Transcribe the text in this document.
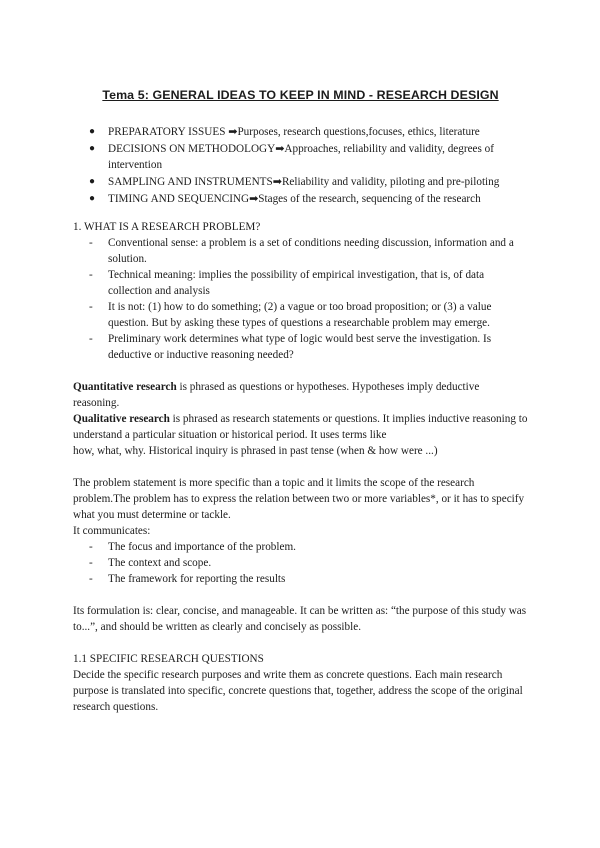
Tema 5: GENERAL IDEAS TO KEEP IN MIND - RESEARCH DESIGN
● PREPARATORY ISSUES ➡Purposes, research questions,focuses, ethics, literature
● DECISIONS ON METHODOLOGY➡Approaches, reliability and validity, degrees of intervention
● SAMPLING AND INSTRUMENTS➡Reliability and validity, piloting and pre-piloting
● TIMING AND SEQUENCING➡Stages of the research, sequencing of the research

1. WHAT IS A RESEARCH PROBLEM?

- Conventional sense: a problem is a set of conditions needing discussion, information and a solution.
- Technical meaning: implies the possibility of empirical investigation, that is, of data collection and analysis
- It is not: (1) how to do something; (2) a vague or too broad proposition; or (3) a value question. But by asking these types of questions a researchable problem may emerge.
- Preliminary work determines what type of logic would best serve the investigation. Is deductive or inductive reasoning needed?

Quantitative research is phrased as questions or hypotheses. Hypotheses imply deductive reasoning.

Qualitative research is phrased as research statements or questions. It implies inductive reasoning to understand a particular situation or historical period. It uses terms like
how, what, why. Historical inquiry is phrased in past tense (when & how were ...)

The problem statement is more specific than a topic and it limits the scope of the research problem.The problem has to express the relation between two or more variables*, or it has to specify what you must determine or tackle.

It communicates:

- The focus and importance of the problem.
- The context and scope.
- The framework for reporting the results

Its formulation is: clear, concise, and manageable. It can be written as: “the purpose of this study was to...”, and should be written as clearly and concisely as possible.

1.1 SPECIFIC RESEARCH QUESTIONS

Decide the specific research purposes and write them as concrete questions. Each main research purpose is translated into specific, concrete questions that, together, address the scope of the original research questions.
